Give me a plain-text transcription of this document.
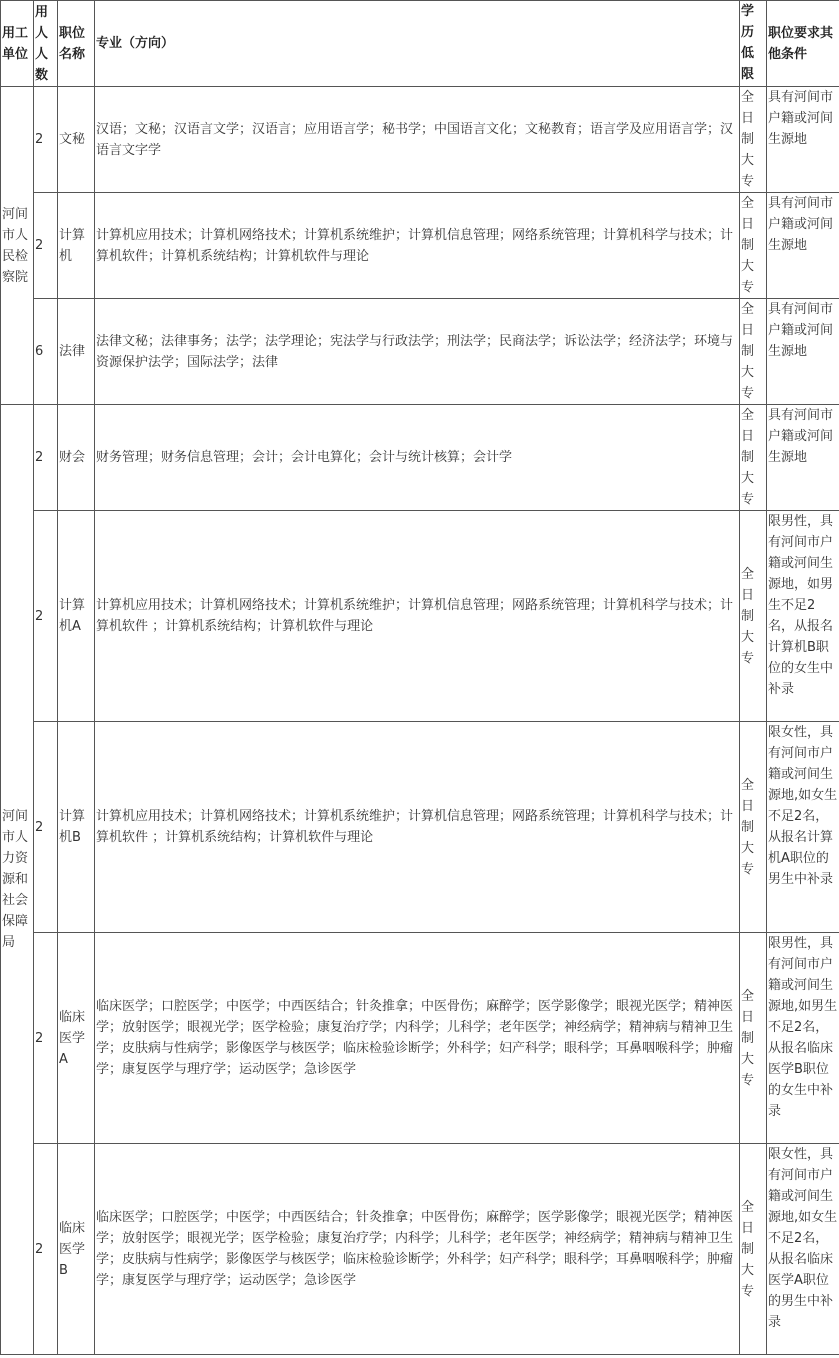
用工单位	用人人数	职位名称	专业（方向）	学历低限	职位要求其他条件
河间市人民检察院	2	文秘	汉语；文秘；汉语言文学；汉语言；应用语言学；秘书学；中国语言文化；文秘教育；语言学及应用语言学；汉语言文字学	全日制大专	具有河间市户籍或河间生源地
	2	计算机	计算机应用技术；计算机网络技术；计算机系统维护；计算机信息管理；网络系统管理；计算机科学与技术；计算机软件；计算机系统结构；计算机软件与理论	全日制大专	具有河间市户籍或河间生源地
	6	法律	法律文秘；法律事务；法学；法学理论；宪法学与行政法学；刑法学；民商法学；诉讼法学；经济法学；环境与资源保护法学；国际法学；法律	全日制大专	具有河间市户籍或河间生源地
河间市人力资源和社会保障局	2	财会	财务管理；财务信息管理；会计；会计电算化；会计与统计核算；会计学	全日制大专	具有河间市户籍或河间生源地
	2	计算机A	计算机应用技术；计算机网络技术；计算机系统维护；计算机信息管理；网路系统管理；计算机科学与技术；计算机软件 ；计算机系统结构；计算机软件与理论	全日制大专	限男性，具有河间市户籍或河间生源地，如男生不足2名，从报名计算机B职位的女生中补录
	2	计算机B	计算机应用技术；计算机网络技术；计算机系统维护；计算机信息管理；网路系统管理；计算机科学与技术；计算机软件 ；计算机系统结构；计算机软件与理论	全日制大专	限女性，具有河间市户籍或河间生源地,如女生不足2名，从报名计算机A职位的男生中补录
	2	临床医学A	临床医学；口腔医学；中医学；中西医结合；针灸推拿；中医骨伤；麻醉学；医学影像学；眼视光医学；精神医学；放射医学；眼视光学；医学检验；康复治疗学；内科学；儿科学；老年医学；神经病学；精神病与精神卫生学；皮肤病与性病学；影像医学与核医学；临床检验诊断学；外科学；妇产科学；眼科学；耳鼻咽喉科学；肿瘤学；康复医学与理疗学；运动医学；急诊医学	全日制大专	限男性，具有河间市户籍或河间生源地,如男生不足2名，从报名临床医学B职位的女生中补录
	2	临床医学B	临床医学；口腔医学；中医学；中西医结合；针灸推拿；中医骨伤；麻醉学；医学影像学；眼视光医学；精神医学；放射医学；眼视光学；医学检验；康复治疗学；内科学；儿科学；老年医学；神经病学；精神病与精神卫生学；皮肤病与性病学；影像医学与核医学；临床检验诊断学；外科学；妇产科学；眼科学；耳鼻咽喉科学；肿瘤学；康复医学与理疗学；运动医学；急诊医学	全日制大专	限女性，具有河间市户籍或河间生源地,如女生不足2名，从报名临床医学A职位的男生中补录
